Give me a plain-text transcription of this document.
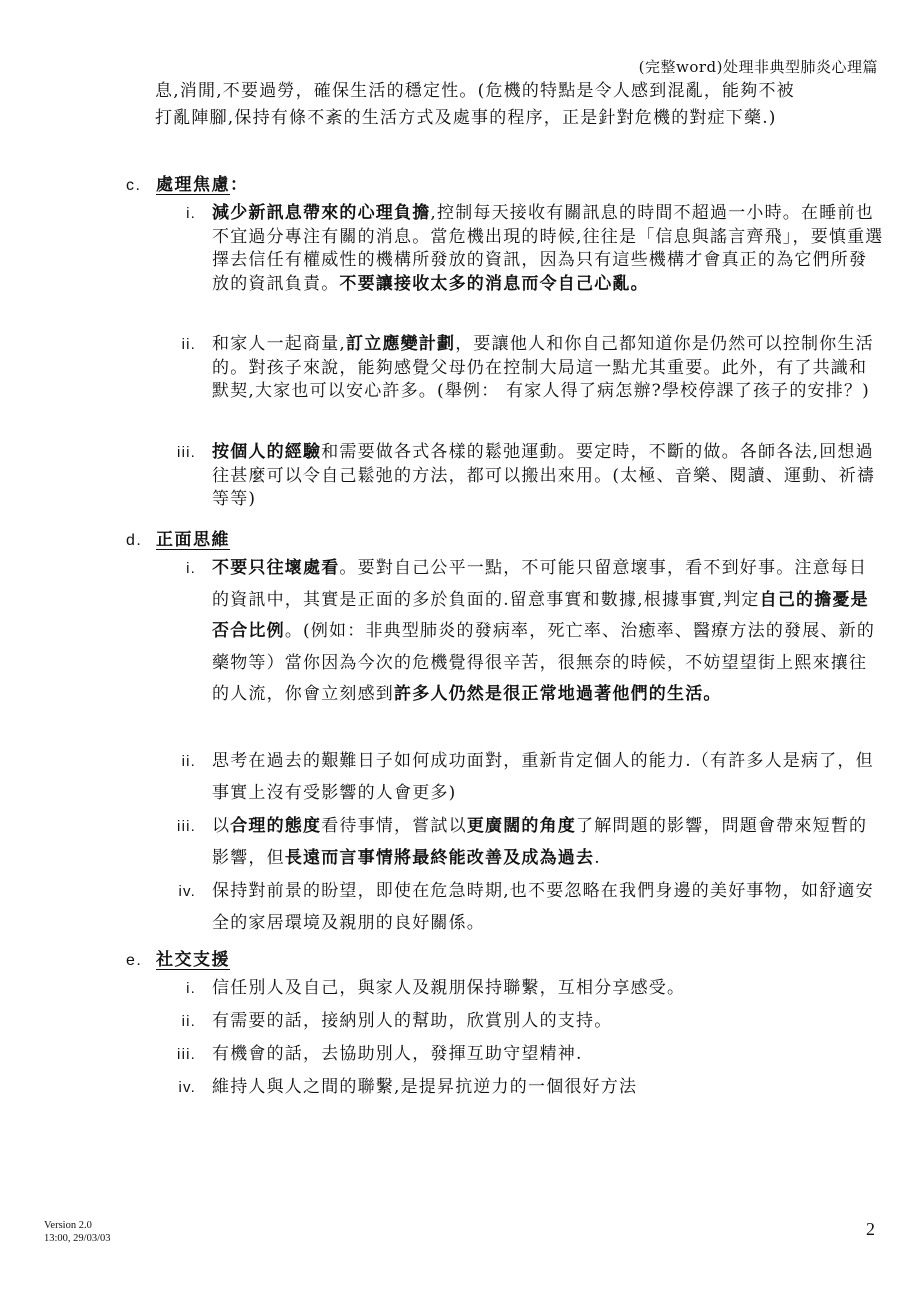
(完整word)处理非典型肺炎心理篇

息,消閒,不要過勞，確保生活的穩定性。(危機的特點是令人感到混亂，能夠不被

打亂陣腳,保持有條不紊的生活方式及處事的程序，正是針對危機的對症下藥.)

c. 處理焦慮：
i. 減少新訊息帶來的心理負擔,控制每天接收有關訊息的時間不超過一小時。在睡前也不宜過分專注有關的消息。當危機出現的時候,往往是「信息與謠言齊飛」，要慎重選擇去信任有權威性的機構所發放的資訊，因為只有這些機構才會真正的為它們所發放的資訊負責。不要讓接收太多的消息而令自己心亂。
ii. 和家人一起商量,訂立應變計劃，要讓他人和你自己都知道你是仍然可以控制你生活的。對孩子來說，能夠感覺父母仍在控制大局這一點尤其重要。此外，有了共識和默契,大家也可以安心許多。(舉例： 有家人得了病怎辦?學校停課了孩子的安排？)
iii. 按個人的經驗和需要做各式各樣的鬆弛運動。要定時，不斷的做。各師各法,回想過往甚麼可以令自己鬆弛的方法，都可以搬出來用。(太極、音樂、閱讀、運動、祈禱等等)
d. 正面思維
i. 不要只往壞處看。要對自己公平一點，不可能只留意壞事，看不到好事。注意每日的資訊中，其實是正面的多於負面的.留意事實和數據,根據事實,判定自己的擔憂是否合比例。(例如：非典型肺炎的發病率，死亡率、治癒率、醫療方法的發展、新的藥物等）當你因為今次的危機覺得很辛苦，很無奈的時候，不妨望望街上熙來攘往的人流，你會立刻感到許多人仍然是很正常地過著他們的生活。
ii. 思考在過去的艱難日子如何成功面對，重新肯定個人的能力.（有許多人是病了，但事實上沒有受影響的人會更多)
iii. 以合理的態度看待事情，嘗試以更廣闊的角度了解問題的影響，問題會帶來短暫的影響，但長遠而言事情將最終能改善及成為過去.
iv. 保持對前景的盼望，即使在危急時期,也不要忽略在我們身邊的美好事物，如舒適安全的家居環境及親朋的良好關係。
e. 社交支援
i. 信任別人及自己，與家人及親朋保持聯繫，互相分享感受。
ii. 有需要的話，接納別人的幫助，欣賞別人的支持。
iii. 有機會的話，去協助別人，發揮互助守望精神.
iv. 維持人與人之間的聯繫,是提昇抗逆力的一個很好方法
Version 2.0
13:00, 29/03/03	2
